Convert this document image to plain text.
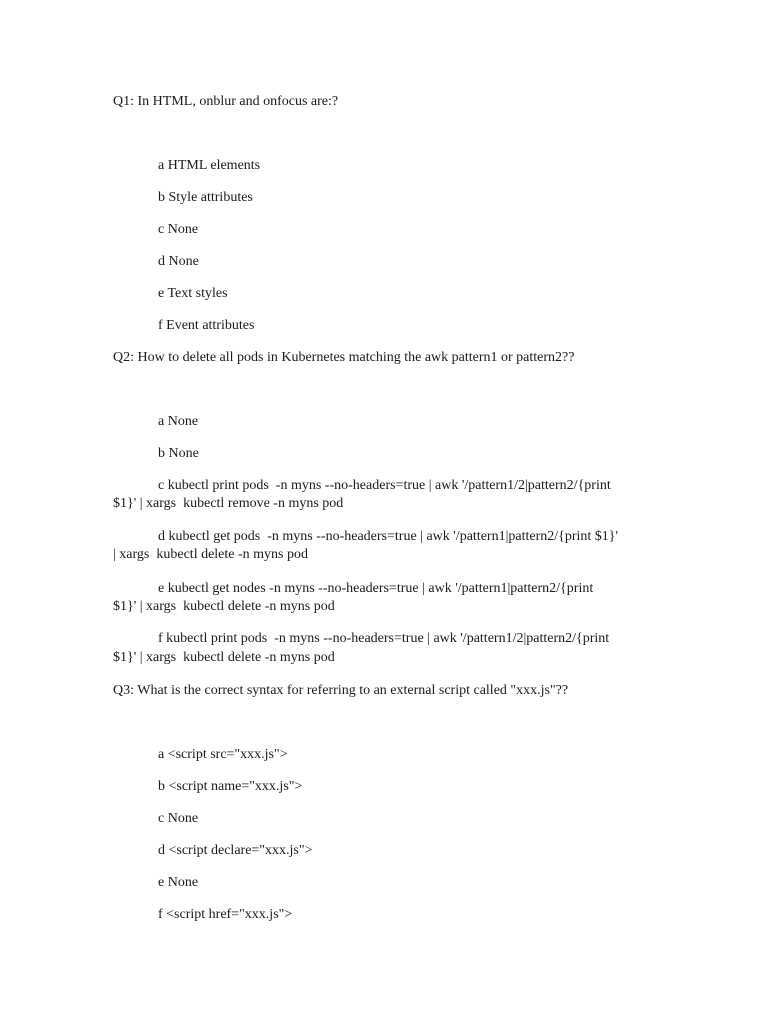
Q1: In HTML, onblur and onfocus are:?
a HTML elements
b Style attributes
c None
d None
e Text styles
f Event attributes
Q2: How to delete all pods in Kubernetes matching the awk pattern1 or pattern2??
a None
b None
c kubectl print pods  -n myns --no-headers=true | awk '/pattern1/2|pattern2/{print
$1}' | xargs  kubectl remove -n myns pod
d kubectl get pods  -n myns --no-headers=true | awk '/pattern1|pattern2/{print $1}'
| xargs  kubectl delete -n myns pod
e kubectl get nodes -n myns --no-headers=true | awk '/pattern1|pattern2/{print
$1}' | xargs  kubectl delete -n myns pod
f kubectl print pods  -n myns --no-headers=true | awk '/pattern1/2|pattern2/{print
$1}' | xargs  kubectl delete -n myns pod
Q3: What is the correct syntax for referring to an external script called "xxx.js"??
a <script src="xxx.js">
b <script name="xxx.js">
c None
d <script declare="xxx.js">
e None
f <script href="xxx.js">
